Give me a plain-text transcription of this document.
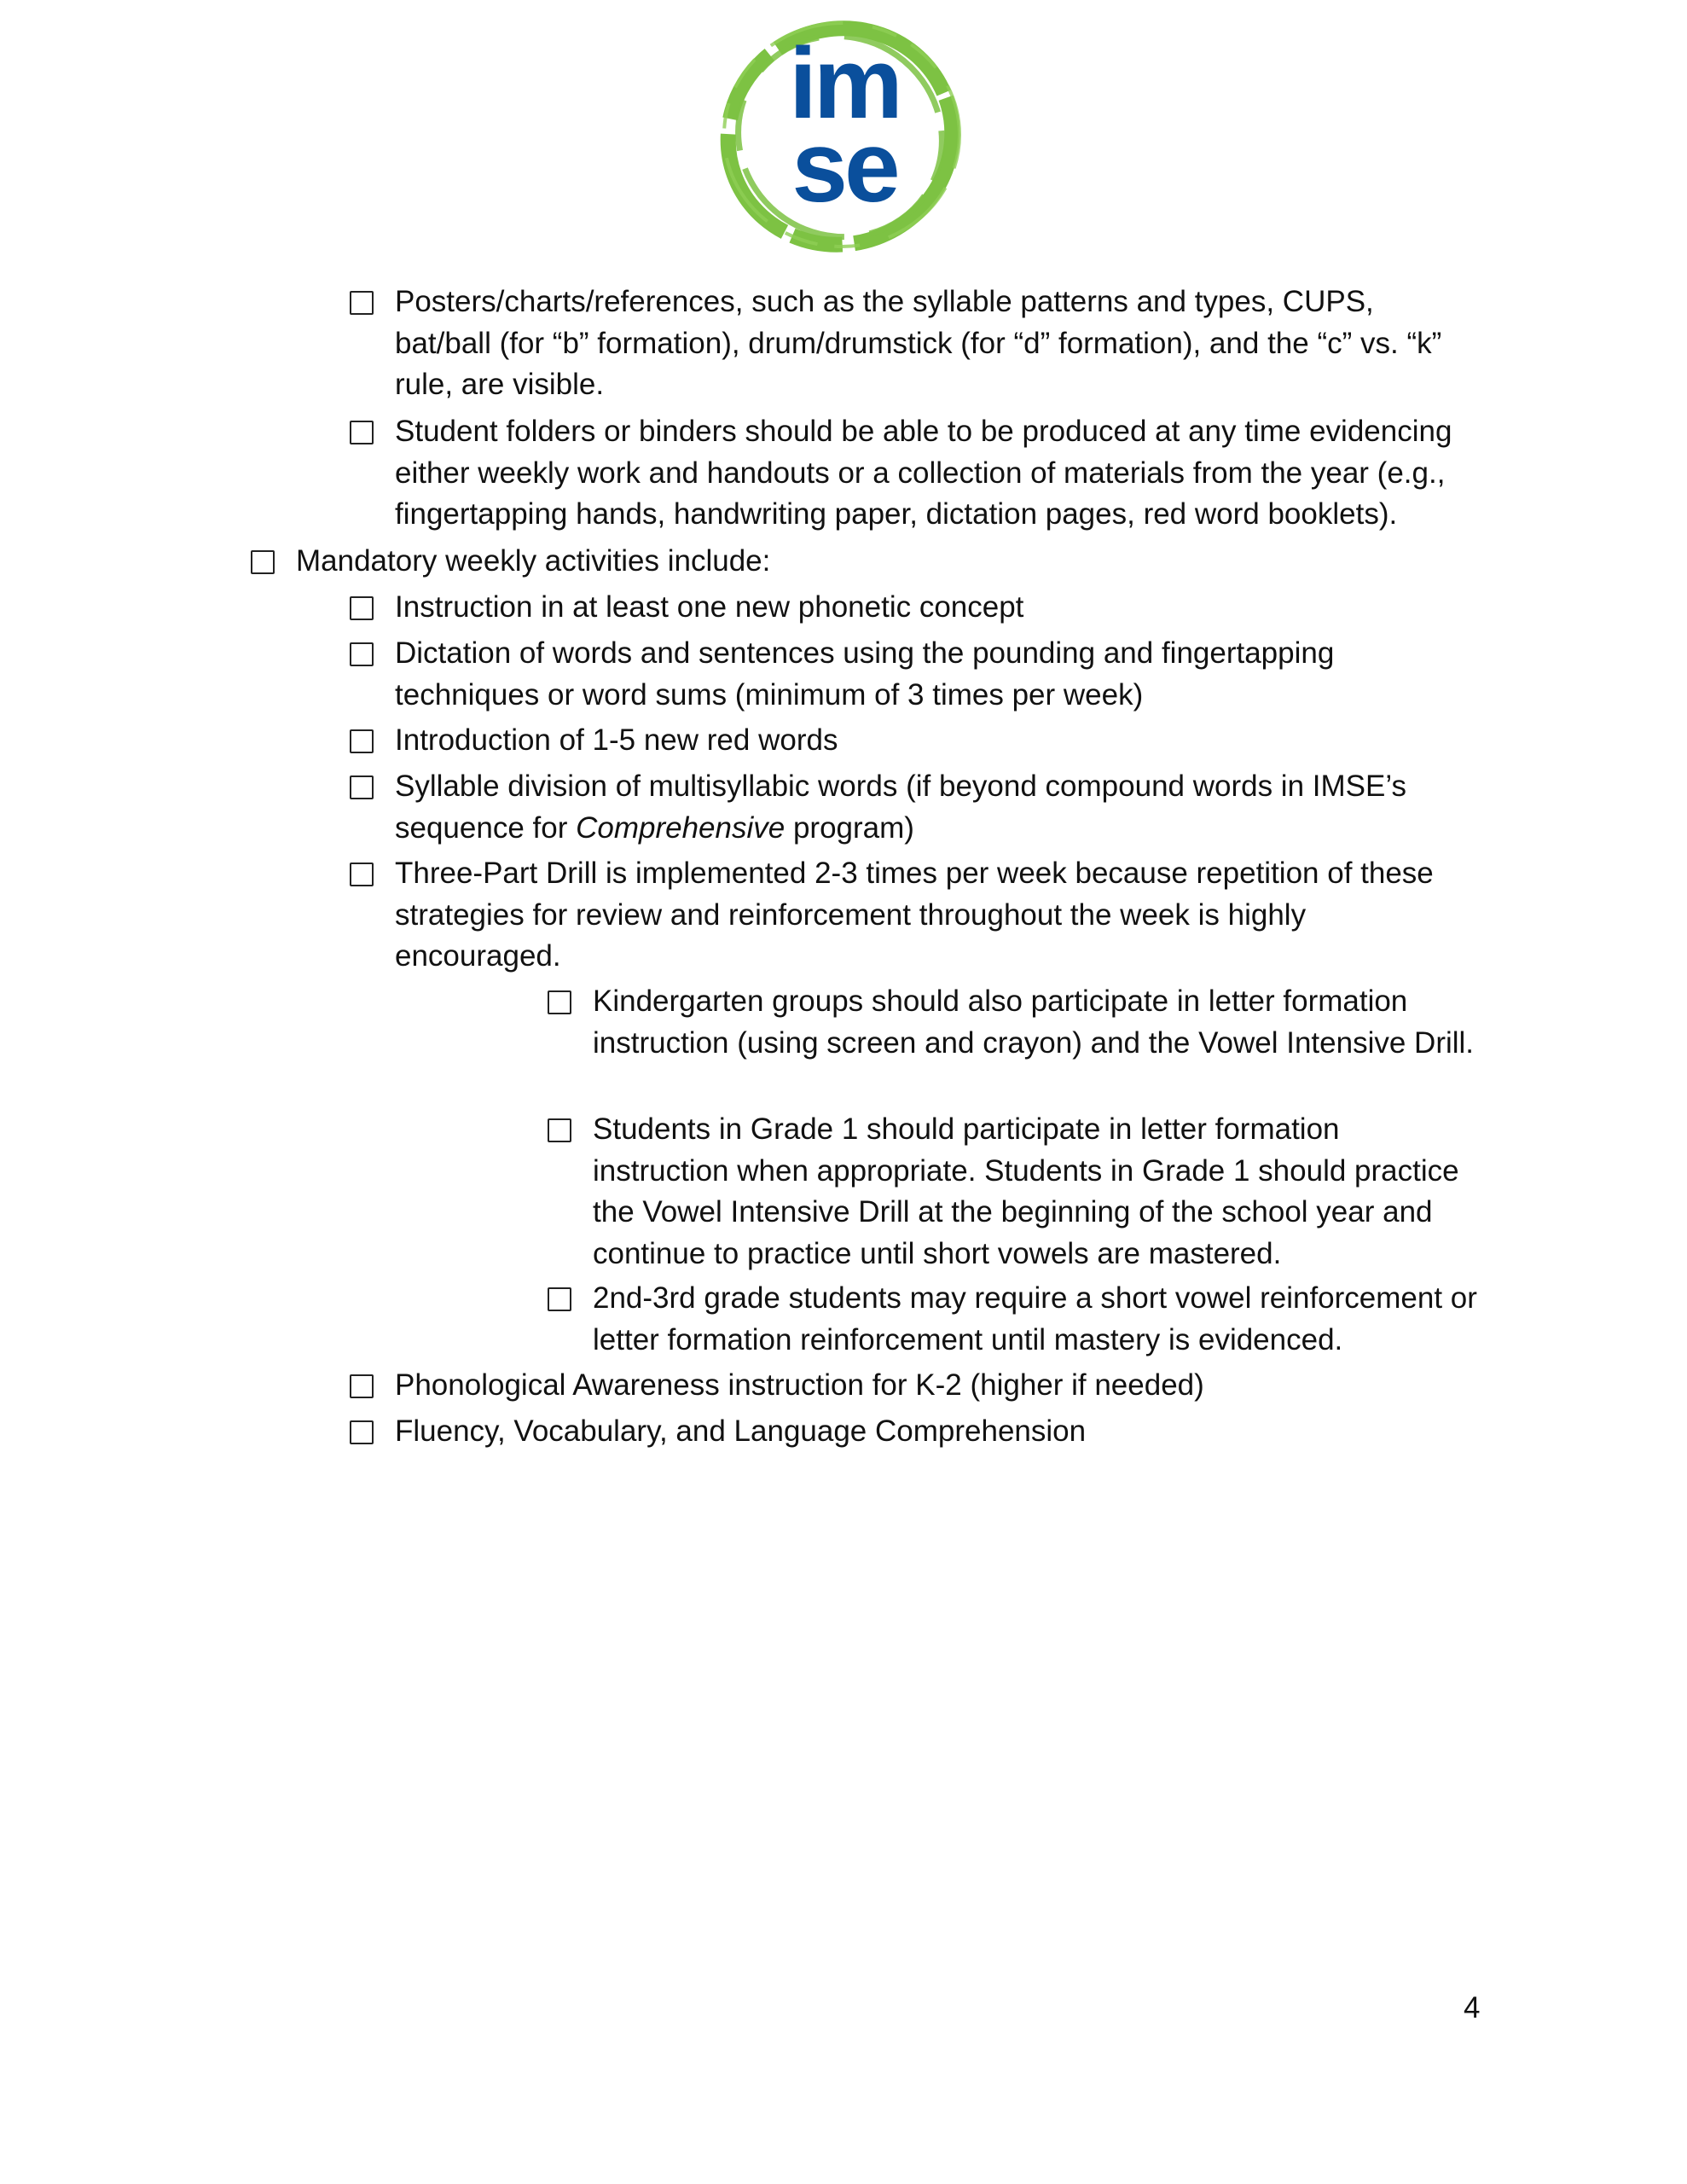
im
se
Posters/charts/references, such as the syllable patterns and types, CUPS, bat/ball (for “b” formation), drum/drumstick (for “d” formation), and the “c” vs. “k” rule, are visible.
Student folders or binders should be able to be produced at any time evidencing either weekly work and handouts or a collection of materials from the year (e.g., fingertapping hands, handwriting paper, dictation pages, red word booklets).
Mandatory weekly activities include:
Instruction in at least one new phonetic concept
Dictation of words and sentences using the pounding and fingertapping techniques or word sums (minimum of 3 times per week)
Introduction of 1-5 new red words
Syllable division of multisyllabic words (if beyond compound words in IMSE’s sequence for Comprehensive program)
Three-Part Drill is implemented 2-3 times per week because repetition of these strategies for review and reinforcement throughout the week is highly encouraged.
Kindergarten groups should also participate in letter formation instruction (using screen and crayon) and the Vowel Intensive Drill.
Students in Grade 1 should participate in letter formation instruction when appropriate. Students in Grade 1 should practice the Vowel Intensive Drill at the beginning of the school year and continue to practice until short vowels are mastered.
2nd-3rd grade students may require a short vowel reinforcement or letter formation reinforcement until mastery is evidenced.
Phonological Awareness instruction for K-2 (higher if needed)
Fluency, Vocabulary, and Language Comprehension
4
